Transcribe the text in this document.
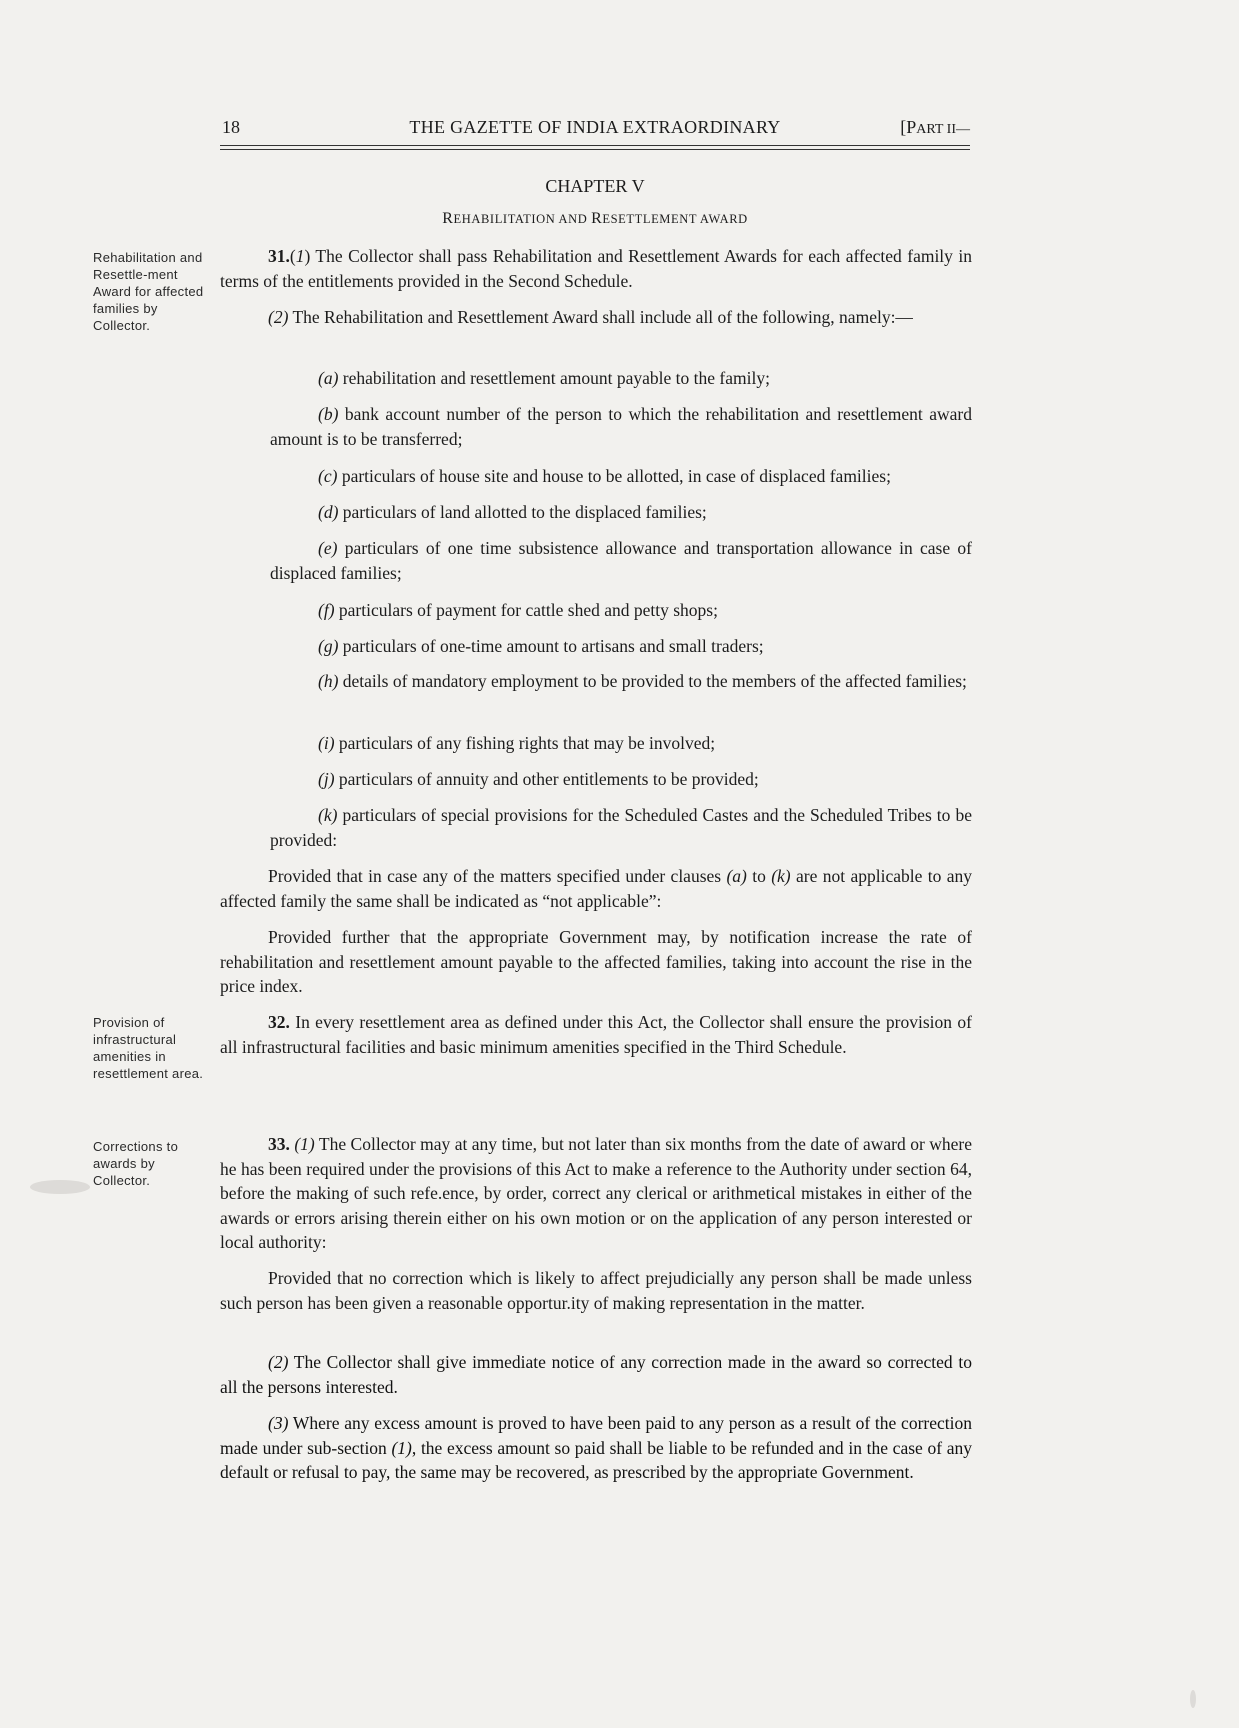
18	THE GAZETTE OF INDIA EXTRAORDINARY	[PART II—
CHAPTER V
REHABILITATION AND RESETTLEMENT AWARD
Rehabilitation and Resettle-ment Award for affected families by Collector.
Provision of infrastructural amenities in resettlement area.
Corrections to awards by Collector.

31.(1) The Collector shall pass Rehabilitation and Resettlement Awards for each affected family in terms of the entitlements provided in the Second Schedule.

(2) The Rehabilitation and Resettlement Award shall include all of the following, namely:—

(a) rehabilitation and resettlement amount payable to the family;

(b) bank account number of the person to which the rehabilitation and resettlement award amount is to be transferred;

(c) particulars of house site and house to be allotted, in case of displaced families;

(d) particulars of land allotted to the displaced families;

(e) particulars of one time subsistence allowance and transportation allowance in case of displaced families;

(f) particulars of payment for cattle shed and petty shops;

(g) particulars of one-time amount to artisans and small traders;

(h) details of mandatory employment to be provided to the members of the affected families;

(i) particulars of any fishing rights that may be involved;

(j) particulars of annuity and other entitlements to be provided;

(k) particulars of special provisions for the Scheduled Castes and the Scheduled Tribes to be provided:

Provided that in case any of the matters specified under clauses (a) to (k) are not applicable to any affected family the same shall be indicated as “not applicable”:

Provided further that the appropriate Government may, by notification increase the rate of rehabilitation and resettlement amount payable to the affected families, taking into account the rise in the price index.

32. In every resettlement area as defined under this Act, the Collector shall ensure the provision of all infrastructural facilities and basic minimum amenities specified in the Third Schedule.

33. (1) The Collector may at any time, but not later than six months from the date of award or where he has been required under the provisions of this Act to make a reference to the Authority under section 64, before the making of such refe.ence, by order, correct any clerical or arithmetical mistakes in either of the awards or errors arising therein either on his own motion or on the application of any person interested or local authority:

Provided that no correction which is likely to affect prejudicially any person shall be made unless such person has been given a reasonable opportur.ity of making representation in the matter.

(2) The Collector shall give immediate notice of any correction made in the award so corrected to all the persons interested.

(3) Where any excess amount is proved to have been paid to any person as a result of the correction made under sub-section (1), the excess amount so paid shall be liable to be refunded and in the case of any default or refusal to pay, the same may be recovered, as prescribed by the appropriate Government.
